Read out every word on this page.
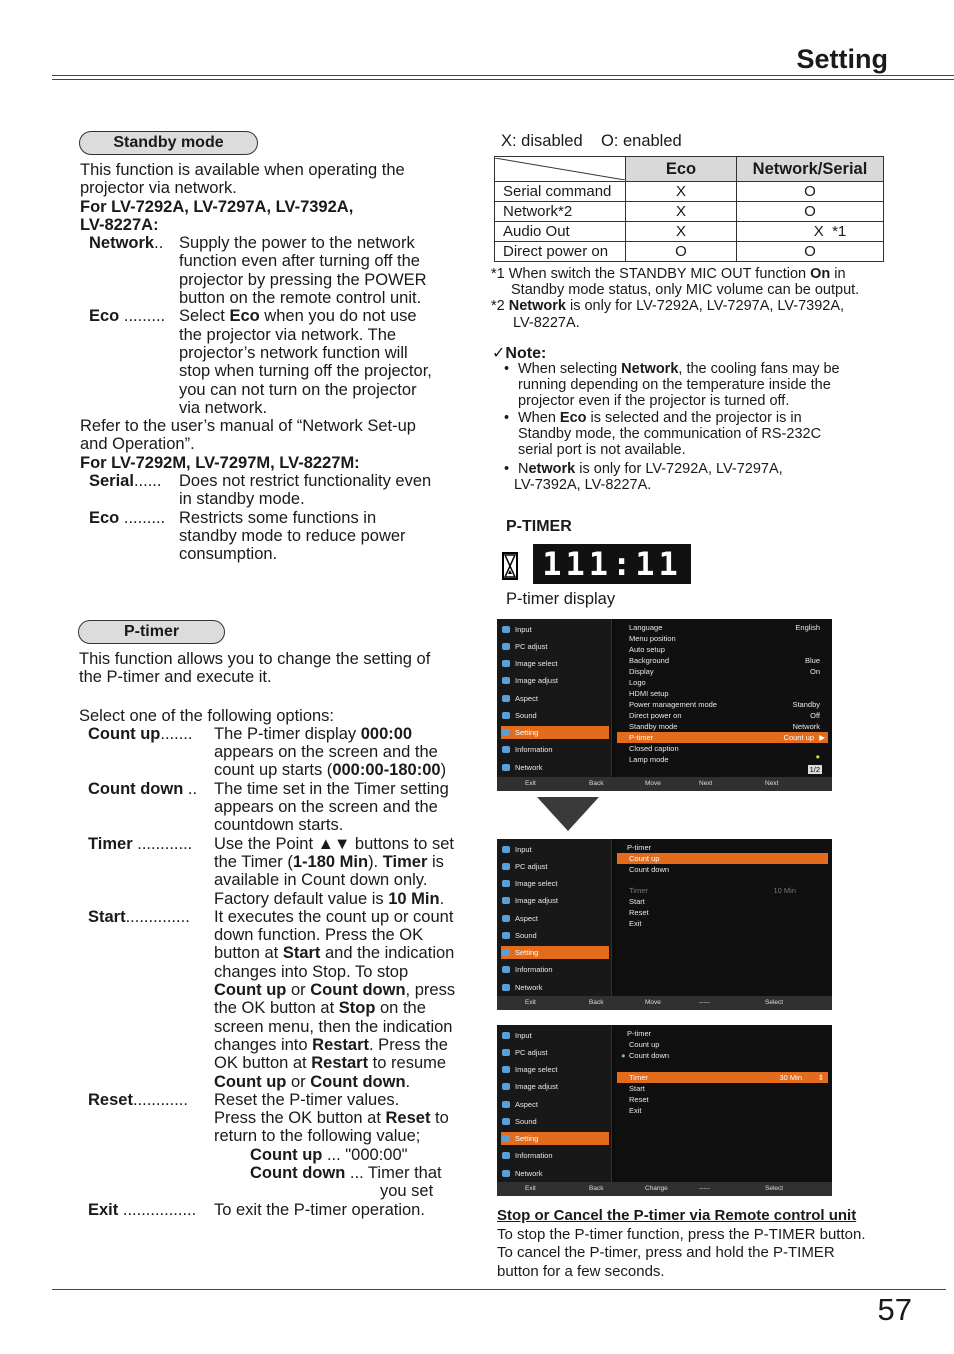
Setting
Standby mode
This function is available when operating the
projector via network.
For LV-7292A, LV-7297A, LV-7392A,
LV-8227A:
Network.. Supply the power to the network
function even after turning off the
projector by pressing the POWER
button on the remote control unit.
Eco ......... Select Eco when you do not use
the projector via network. The
projector’s network function will
stop when turning off the projector,
you can not turn on the projector
via network.
Refer to the user’s manual of “Network Set-up
and Operation”.
For LV-7292M, LV-7297M, LV-8227M:
Serial...... Does not restrict functionality even
in standby mode.
Eco ......... Restricts some functions in
standby mode to reduce power
consumption.
P-timer
This function allows you to change the setting of
the P-timer and execute it.
Select one of the following options:
Count up....... The P-timer display 000:00
appears on the screen and the
count up starts (000:00-180:00)
Count down .. The time set in the Timer setting
appears on the screen and the
countdown starts.
Timer ............ Use the Point ▲▼ buttons to set
the Timer (1-180 Min). Timer is
available in Count down only.
Factory default value is 10 Min.
Start.............. It executes the count up or count
down function. Press the OK
button at Start and the indication
changes into Stop. To stop
Count up or Count down, press
the OK button at Stop on the
screen menu, then the indication
changes into Restart. Press the
OK button at Restart to resume
Count up or Count down.
Reset............ Reset the P-timer values.
Press the OK button at Reset to
return to the following value;
Count up ... "000:00"
Count down ... Timer that
you set
Exit ................ To exit the P-timer operation.
X: disabled    O: enabled
	Eco	Network/Serial
Serial command	X	O
Network*2	X	O
Audio Out	X	X  *1
Direct power on	O	O
*1 When switch the STANDBY MIC OUT function On in
Standby mode status, only MIC volume can be output.
*2 Network is only for LV-7292A, LV-7297A, LV-7392A,
LV-8227A.
✓Note:
• When selecting Network, the cooling fans may be
running depending on the temperature inside the
projector even if the projector is turned off.
• When Eco is selected and the projector is in
Standby mode, the communication of RS-232C
serial port is not available.
• Network is only for LV-7292A, LV-7297A,
LV-7392A, LV-8227A.
P-TIMER
111:11
P-timer display
Input
PC adjust
Image select
Image adjust
Aspect
Sound
Setting
Information
Network
Language	English
Menu position
Auto setup
Background	Blue
Display	On
Logo
HDMI setup
Power management mode	Standby
Direct power on	Off
Standby mode	Network
P-timer	Count up ▶
Closed caption
Lamp mode	●
1/2
Exit	Back	Move	Next	Next
Input
PC adjust
Image select
Image adjust
Aspect
Sound
Setting
Information
Network
P-timer
Count up
Count down
Timer	10 Min
Start
Reset
Exit
Exit	Back	Move	-----	Select
Input
PC adjust
Image select
Image adjust
Aspect
Sound
Setting
Information
Network
P-timer
Count up
● Count down
Timer	30 Min ⇕
Start
Reset
Exit
Exit	Back	Change	-----	Select
Stop or Cancel the P-timer via Remote control unit
To stop the P-timer function, press the P-TIMER button.
To cancel the P-timer, press and hold the P-TIMER
button for a few seconds.
57
